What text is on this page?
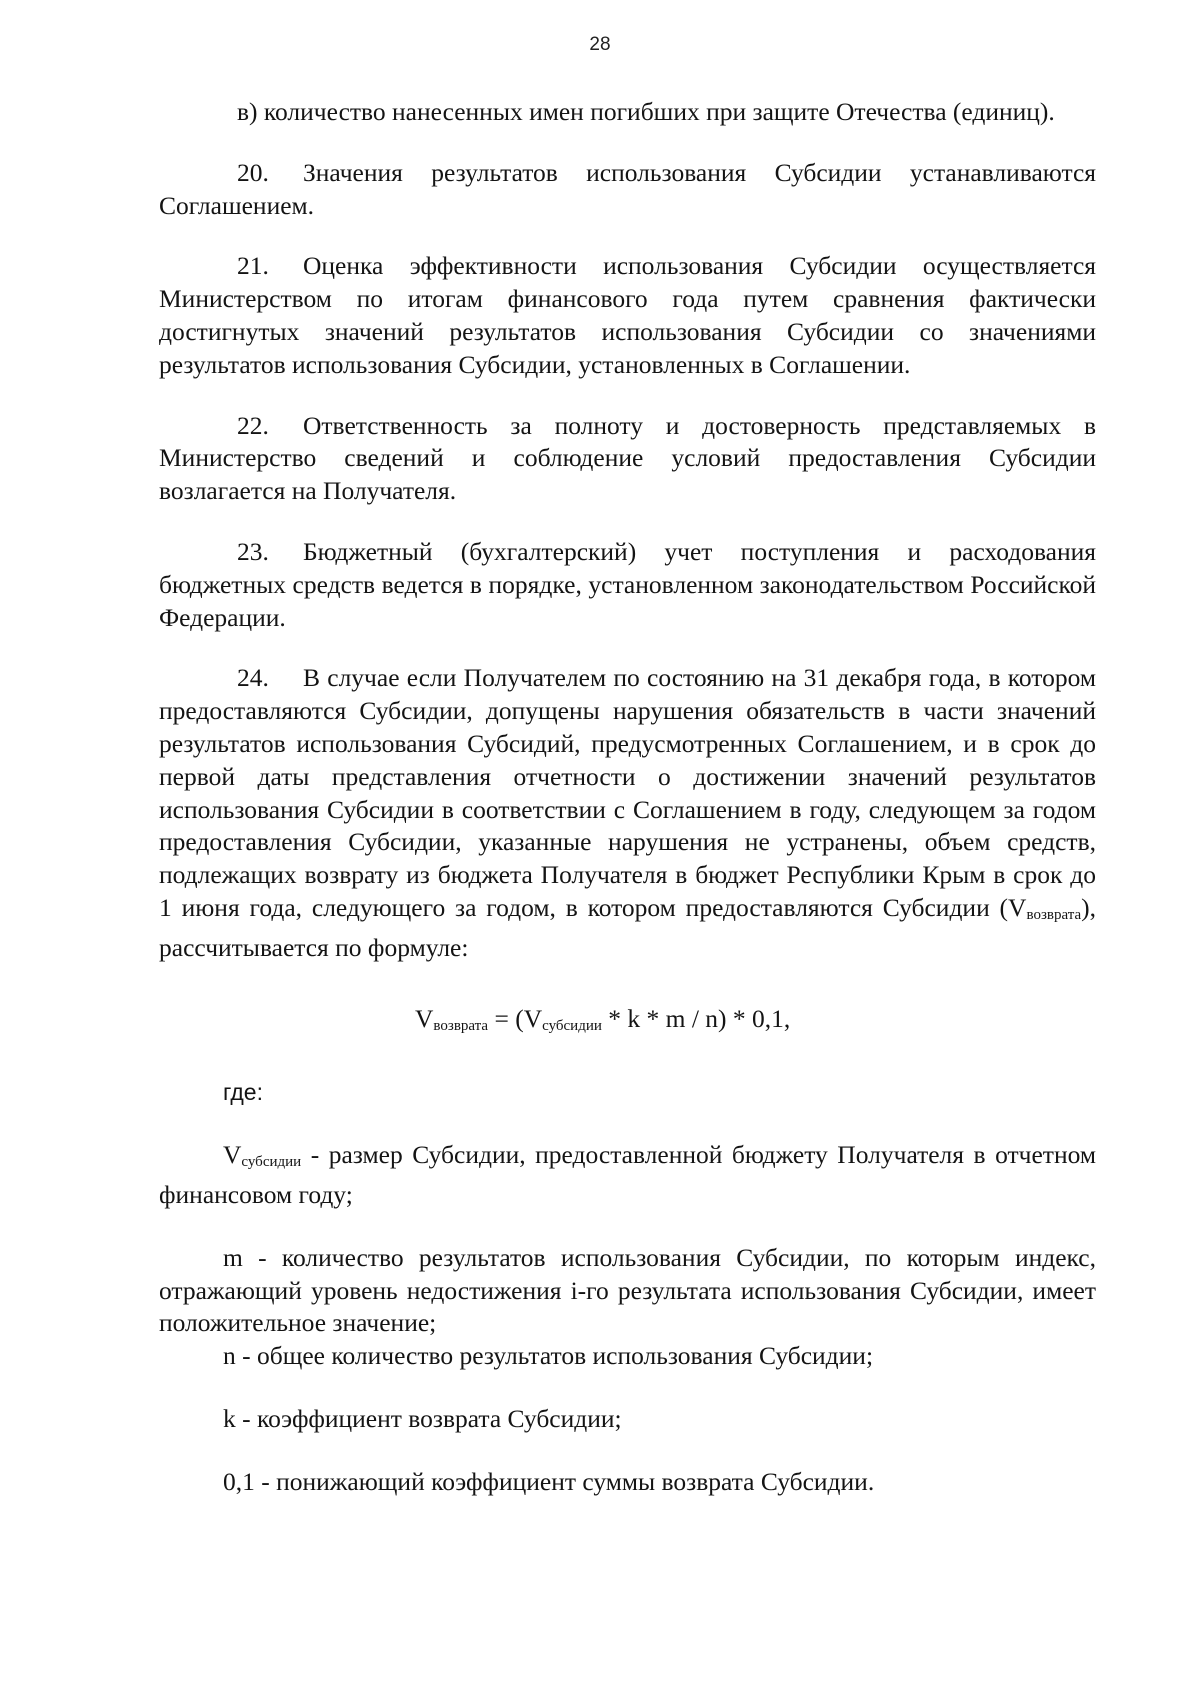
28

в) количество нанесенных имен погибших при защите Отечества (единиц).

20. Значения результатов использования Субсидии устанавливаются Соглашением.

21. Оценка эффективности использования Субсидии осуществляется Министерством по итогам финансового года путем сравнения фактически достигнутых значений результатов использования Субсидии со значениями результатов использования Субсидии, установленных в Соглашении.

22. Ответственность за полноту и достоверность представляемых в Министерство сведений и соблюдение условий предоставления Субсидии возлагается на Получателя.

23. Бюджетный (бухгалтерский) учет поступления и расходования бюджетных средств ведется в порядке, установленном законодательством Российской Федерации.

24. В случае если Получателем по состоянию на 31 декабря года, в котором предоставляются Субсидии, допущены нарушения обязательств в части значений результатов использования Субсидий, предусмотренных Соглашением, и в срок до первой даты представления отчетности о достижении значений результатов использования Субсидии в соответствии с Соглашением в году, следующем за годом предоставления Субсидии, указанные нарушения не устранены, объем средств, подлежащих возврату из бюджета Получателя в бюджет Республики Крым в срок до 1 июня года, следующего за годом, в котором предоставляются Субсидии $(V_{возврата})$, рассчитывается по формуле:

$V_{возврата} = (V_{субсидии} * k * m / n) * 0,1$,

где:

$V_{субсидии}$ - размер Субсидии, предоставленной бюджету Получателя в отчетном финансовом году;

m - количество результатов использования Субсидии, по которым индекс, отражающий уровень недостижения i-го результата использования Субсидии, имеет положительное значение;

n - общее количество результатов использования Субсидии;

k - коэффициент возврата Субсидии;

0,1 - понижающий коэффициент суммы возврата Субсидии.
